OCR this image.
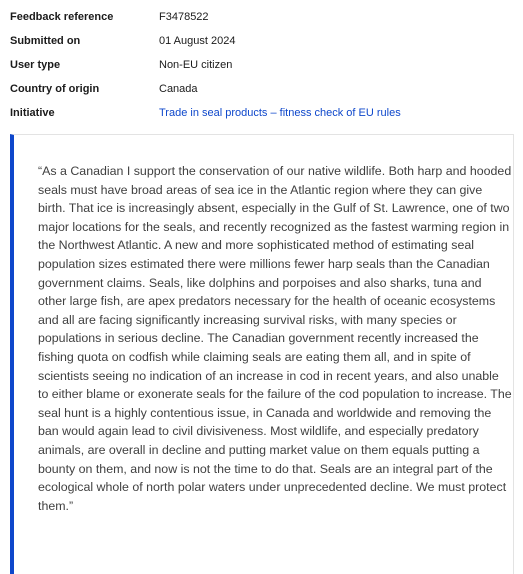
Feedback reference	F3478522
Submitted on	01 August 2024
User type	Non-EU citizen
Country of origin	Canada
Initiative	Trade in seal products – fitness check of EU rules

“As a Canadian I support the conservation of our native wildlife. Both harp and hooded seals must have broad areas of sea ice in the Atlantic region where they can give birth. That ice is increasingly absent, especially in the Gulf of St. Lawrence, one of two major locations for the seals, and recently recognized as the fastest warming region in the Northwest Atlantic. A new and more sophisticated method of estimating seal population sizes estimated there were millions fewer harp seals than the Canadian government claims. Seals, like dolphins and porpoises and also sharks, tuna and other large fish, are apex predators necessary for the health of oceanic ecosystems and all are facing significantly increasing survival risks, with many species or populations in serious decline. The Canadian government recently increased the fishing quota on codfish while claiming seals are eating them all, and in spite of scientists seeing no indication of an increase in cod in recent years, and also unable to either blame or exonerate seals for the failure of the cod population to increase. The seal hunt is a highly contentious issue, in Canada and worldwide and removing the ban would again lead to civil divisiveness. Most wildlife, and especially predatory animals, are overall in decline and putting market value on them equals putting a bounty on them, and now is not the time to do that. Seals are an integral part of the ecological whole of north polar waters under unprecedented decline. We must protect them.”
